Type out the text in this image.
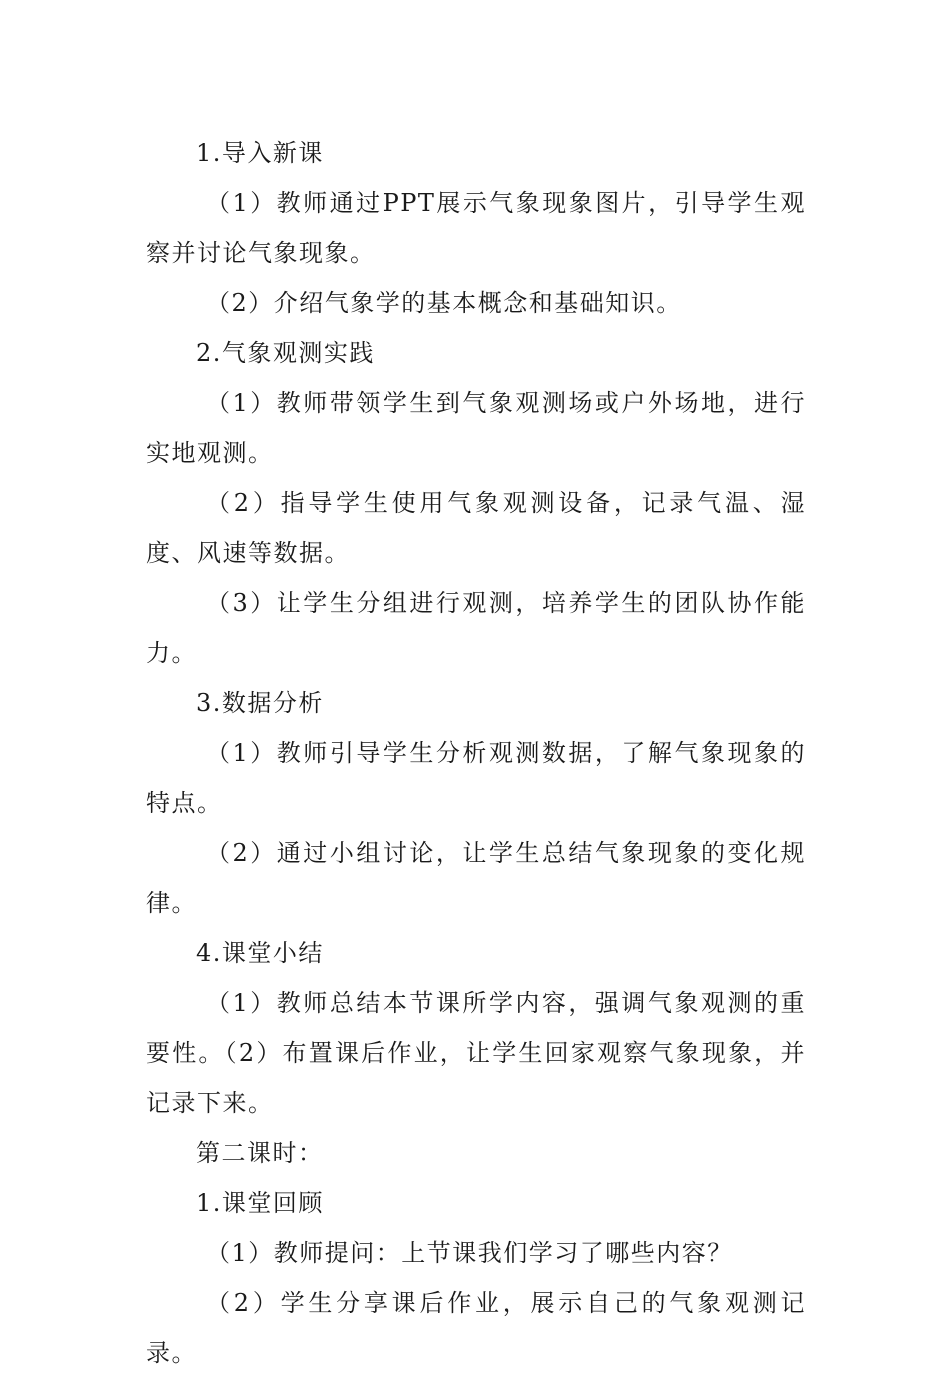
1.导入新课

（1）教师通过PPT展示气象现象图片，引导学生观察并讨论气象现象。

（2）介绍气象学的基本概念和基础知识。

2.气象观测实践

（1）教师带领学生到气象观测场或户外场地，进行实地观测。

（2）指导学生使用气象观测设备，记录气温、湿度、风速等数据。

（3）让学生分组进行观测，培养学生的团队协作能力。

3.数据分析

（1）教师引导学生分析观测数据，了解气象现象的特点。

（2）通过小组讨论，让学生总结气象现象的变化规律。

4.课堂小结

（1）教师总结本节课所学内容，强调气象观测的重要性。（2）布置课后作业，让学生回家观察气象现象，并记录下来。

第二课时：

1.课堂回顾

（1）教师提问：上节课我们学习了哪些内容？

（2）学生分享课后作业，展示自己的气象观测记录。
